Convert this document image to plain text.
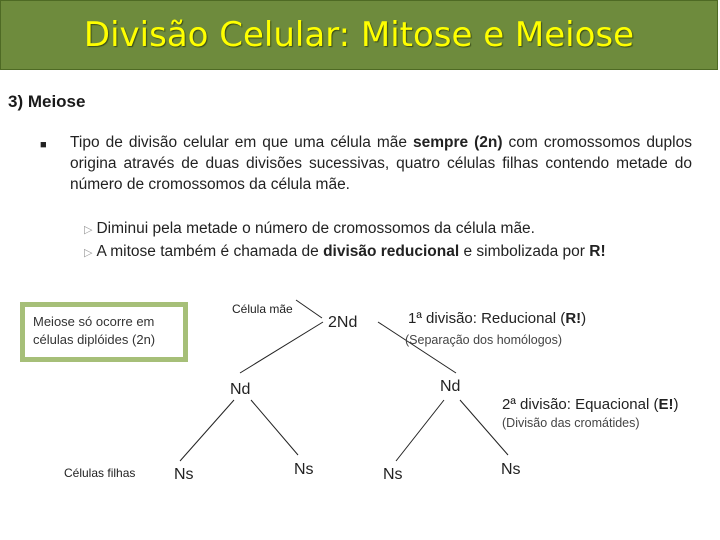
Divisão Celular: Mitose e Meiose
3) Meiose
■ Tipo de divisão celular em que uma célula mãe sempre (2n) com cromossomos duplos origina através de duas divisões sucessivas, quatro células filhas contendo metade do número de cromossomos da célula mãe.
▷ Diminui pela metade o número de cromossomos da célula mãe.
▷ A mitose também é chamada de divisão reducional e simbolizada por R!
Meiose só ocorre em células diplóides (2n)
Célula mãe
2Nd	1ª divisão: Reducional (R!)
(Separação dos homólogos)
Nd	Nd
2ª divisão: Equacional (E!)
(Divisão das cromátides)
Células filhas Ns	Ns	Ns	Ns
